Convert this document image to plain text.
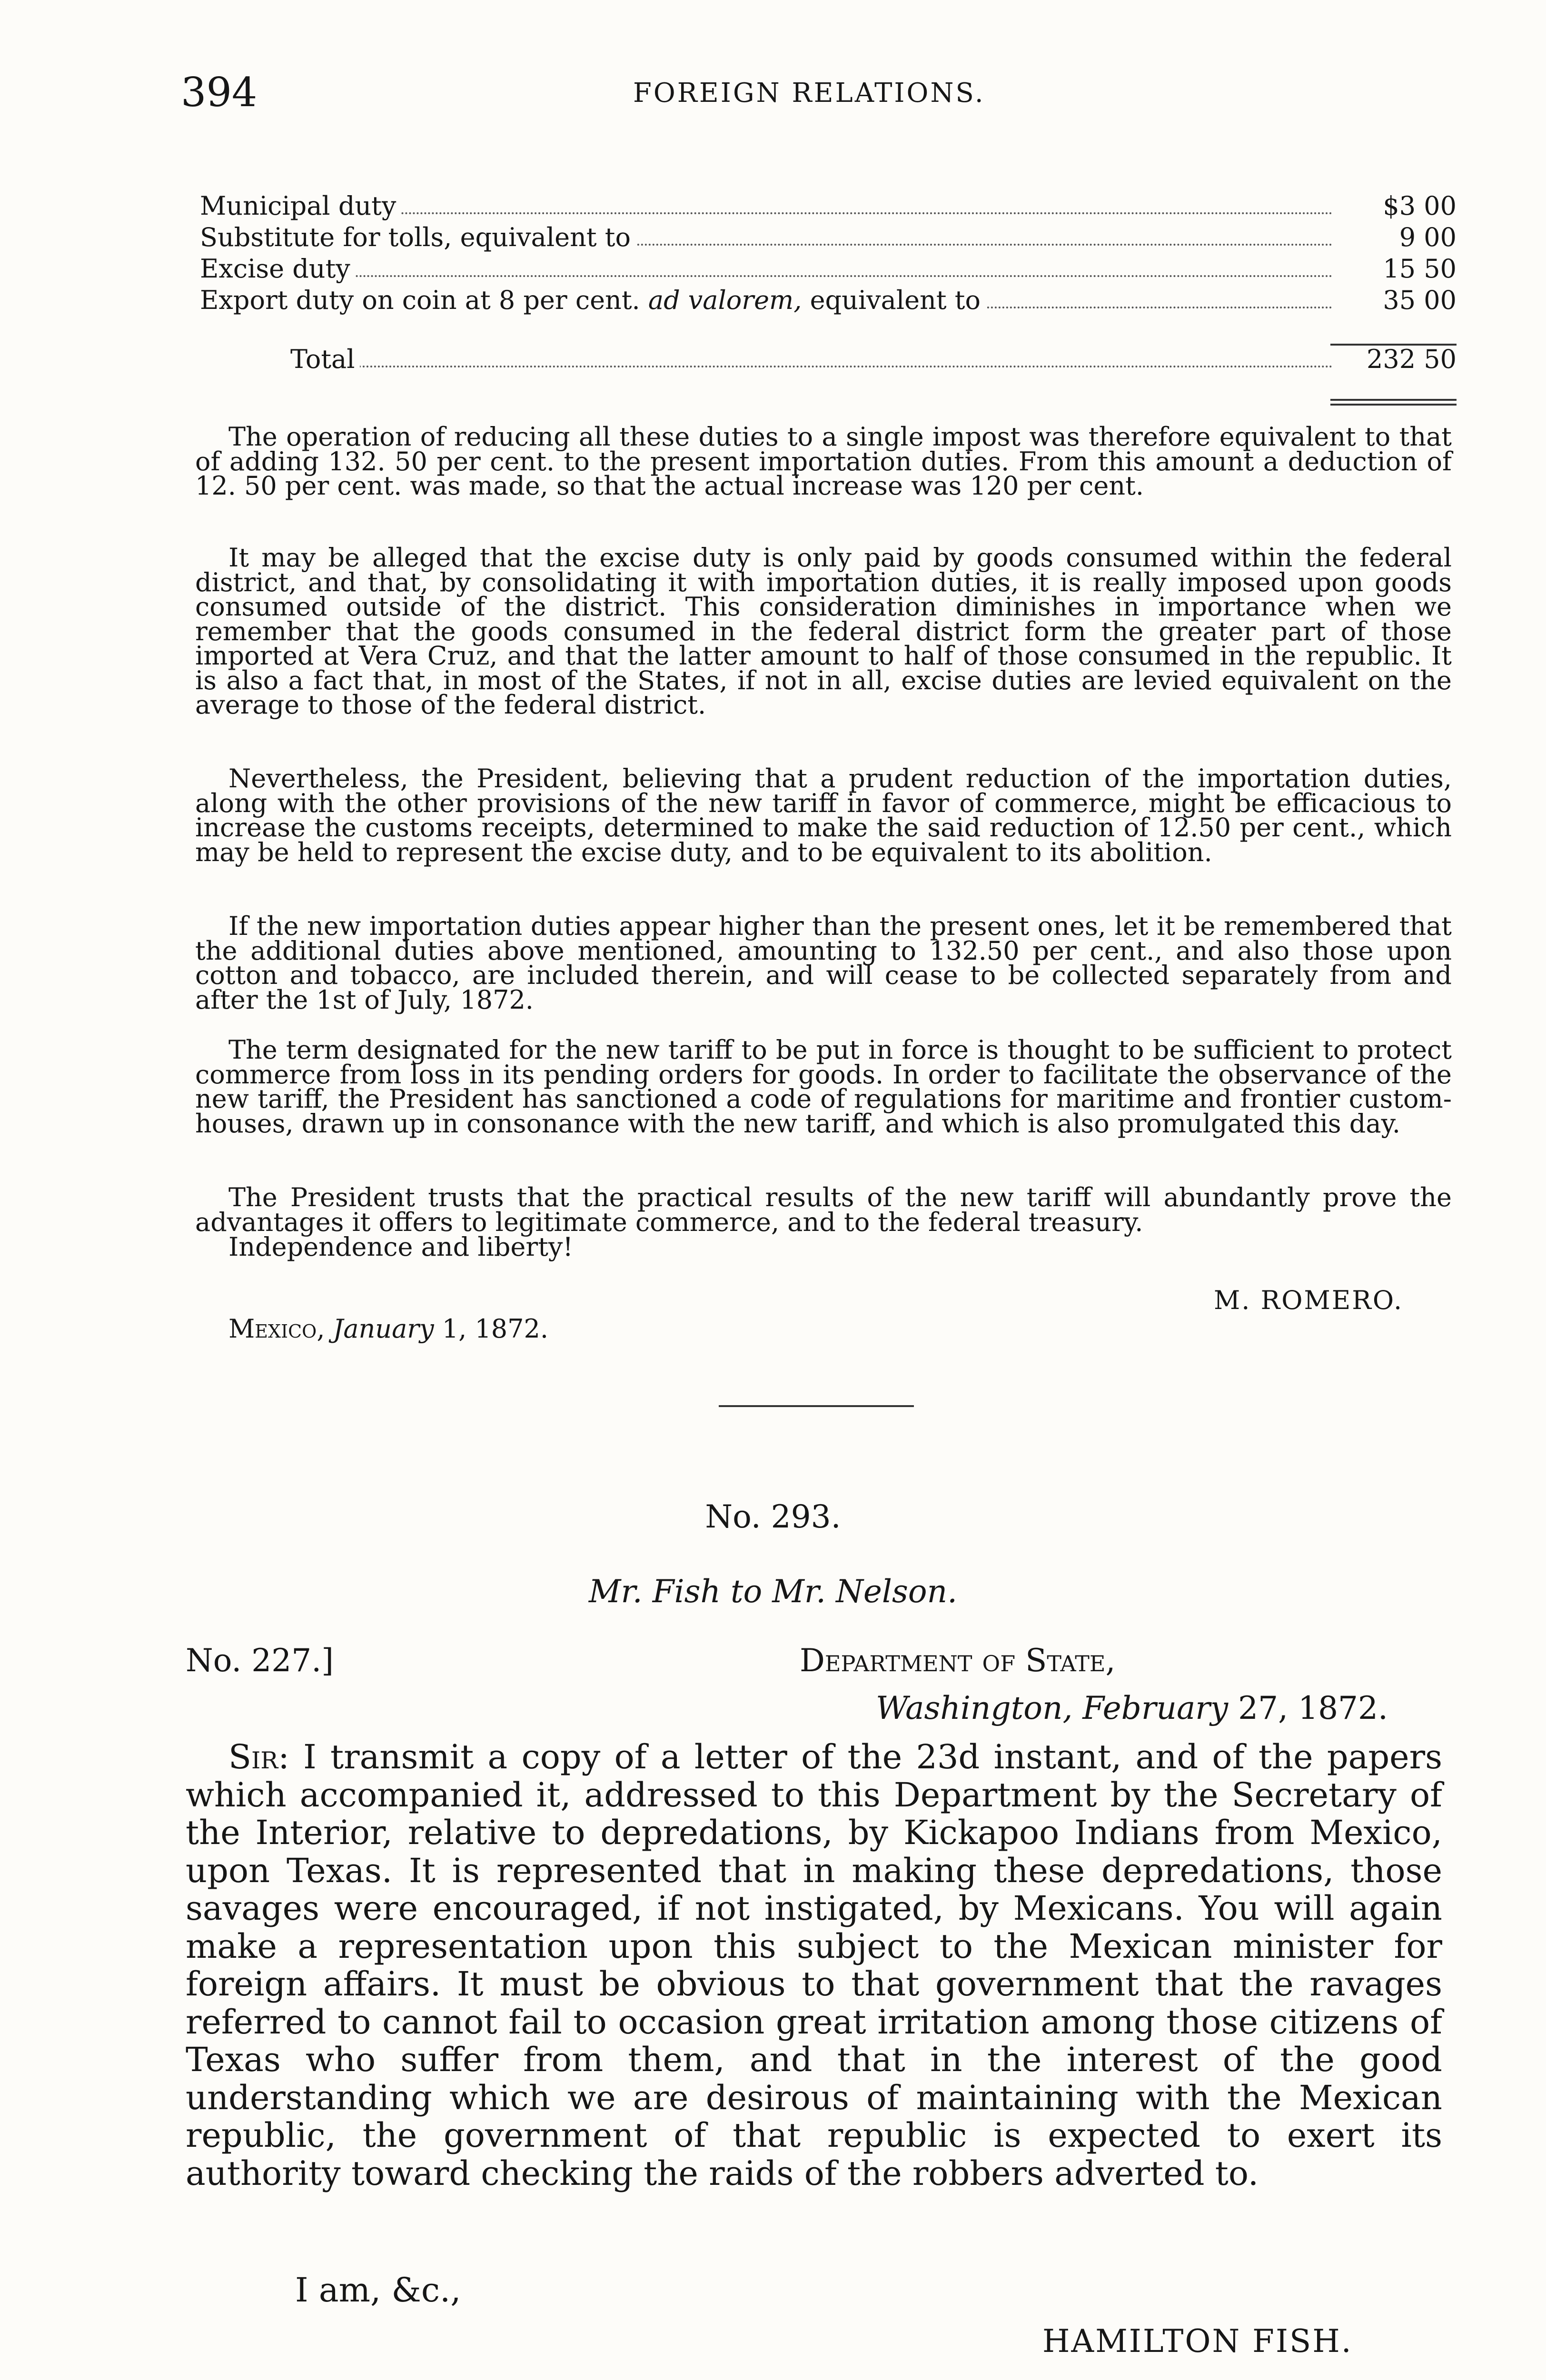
394	FOREIGN RELATIONS.
Municipal duty	$3 00
Substitute for tolls, equivalent to	9 00
Excise duty	15 50
Export duty on coin at 8 per cent. ad valorem, equivalent to	35 00
Total	232 50

The operation of reducing all these duties to a single impost was therefore equivalent to that of adding 132. 50 per cent. to the present importation duties. From this amount a deduction of 12. 50 per cent. was made, so that the actual increase was 120 per cent.

It may be alleged that the excise duty is only paid by goods consumed within the federal district, and that, by consolidating it with importation duties, it is really imposed upon goods consumed outside of the district. This consideration diminishes in importance when we remember that the goods consumed in the federal district form the greater part of those imported at Vera Cruz, and that the latter amount to half of those consumed in the republic. It is also a fact that, in most of the States, if not in all, excise duties are levied equivalent on the average to those of the federal district.

Nevertheless, the President, believing that a prudent reduction of the importation duties, along with the other provisions of the new tariff in favor of commerce, might be efficacious to increase the customs receipts, determined to make the said reduction of 12.50 per cent., which may be held to represent the excise duty, and to be equivalent to its abolition.

If the new importation duties appear higher than the present ones, let it be remembered that the additional duties above mentioned, amounting to 132.50 per cent., and also those upon cotton and tobacco, are included therein, and will cease to be collected separately from and after the 1st of July, 1872.

The term designated for the new tariff to be put in force is thought to be sufficient to protect commerce from loss in its pending orders for goods. In order to facilitate the observance of the new tariff, the President has sanctioned a code of regulations for maritime and frontier custom-houses, drawn up in consonance with the new tariff, and which is also promulgated this day.

The President trusts that the practical results of the new tariff will abundantly prove the advantages it offers to legitimate commerce, and to the federal treasury.

Independence and liberty!

M. ROMERO.
Mexico, January 1, 1872.
No. 293.
Mr. Fish to Mr. Nelson.
No. 227.]	Department of State,
Washington, February 27, 1872.

Sir: I transmit a copy of a letter of the 23d instant, and of the papers which accompanied it, addressed to this Department by the Secretary of the Interior, relative to depredations, by Kickapoo Indians from Mexico, upon Texas. It is represented that in making these depredations, those savages were encouraged, if not instigated, by Mexicans. You will again make a representation upon this subject to the Mexican minister for foreign affairs. It must be obvious to that government that the ravages referred to cannot fail to occasion great irritation among those citizens of Texas who suffer from them, and that in the interest of the good understanding which we are desirous of maintaining with the Mexican republic, the government of that republic is expected to exert its authority toward checking the raids of the robbers adverted to.

I am, &c.,
HAMILTON FISH.
